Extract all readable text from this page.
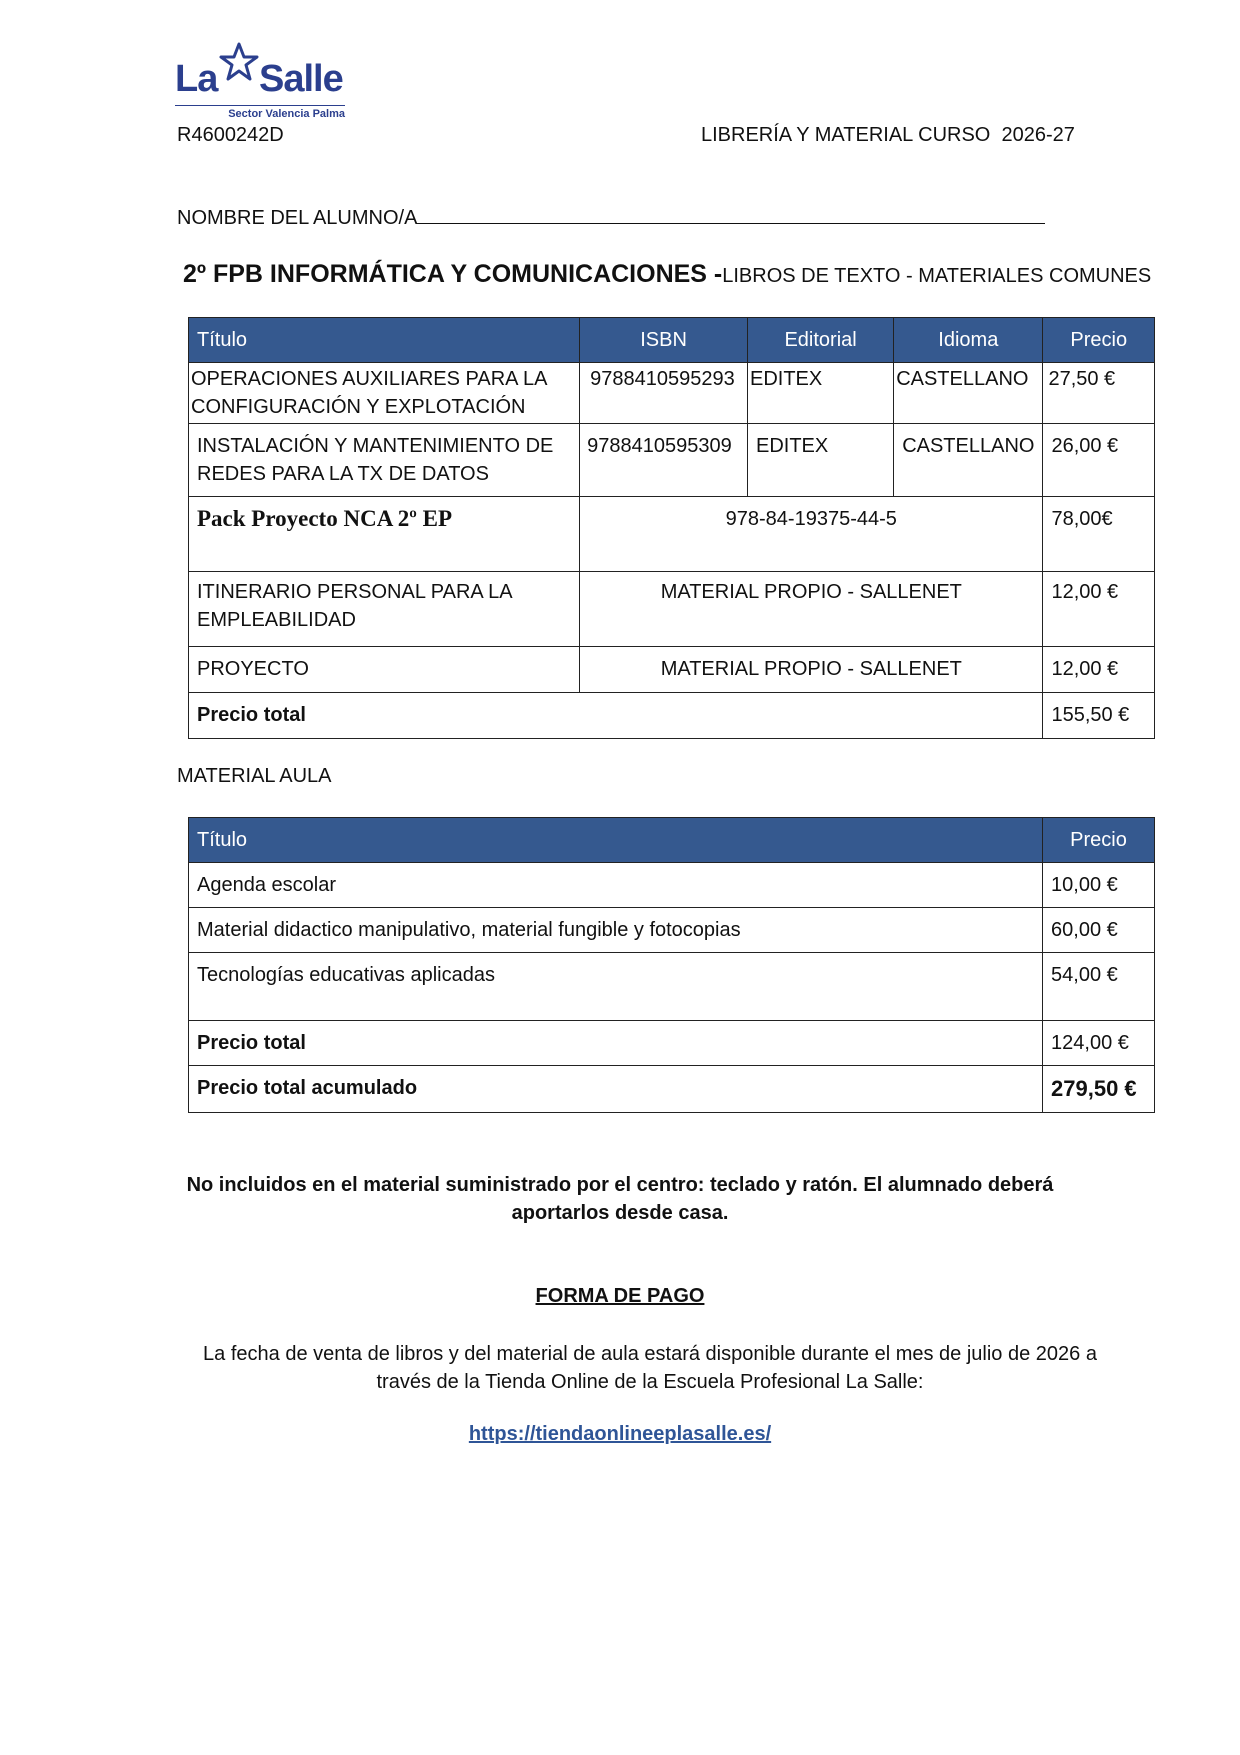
La Salle
Sector Valencia Palma
R4600242D	LIBRERÍA Y MATERIAL CURSO  2026-27
NOMBRE DEL ALUMNO/A
2º FPB INFORMÁTICA Y COMUNICACIONES -LIBROS DE TEXTO - MATERIALES COMUNES
Título	ISBN	Editorial	Idioma	Precio
OPERACIONES AUXILIARES PARA LA CONFIGURACIÓN Y EXPLOTACIÓN	9788410595293	EDITEX	CASTELLANO	27,50 €
INSTALACIÓN Y MANTENIMIENTO DE REDES PARA LA TX DE DATOS	9788410595309	EDITEX	CASTELLANO	26,00 €
Pack Proyecto NCA 2º EP	978-84-19375-44-5			78,00€
ITINERARIO PERSONAL PARA LA EMPLEABILIDAD	MATERIAL PROPIO - SALLENET			12,00 €
PROYECTO	MATERIAL PROPIO - SALLENET			12,00 €
Precio total				155,50 €
MATERIAL AULA
Título	Precio
Agenda escolar	10,00 €
Material didactico manipulativo, material fungible y fotocopias	60,00 €
Tecnologías educativas aplicadas	54,00 €
Precio total	124,00 €
Precio total acumulado	279,50 €
No incluidos en el material suministrado por el centro: teclado y ratón. El alumnado deberá aportarlos desde casa.
FORMA DE PAGO
La fecha de venta de libros y del material de aula estará disponible durante el mes de julio de 2026 a través de la Tienda Online de la Escuela Profesional La Salle:
https://tiendaonlineeplasalle.es/
